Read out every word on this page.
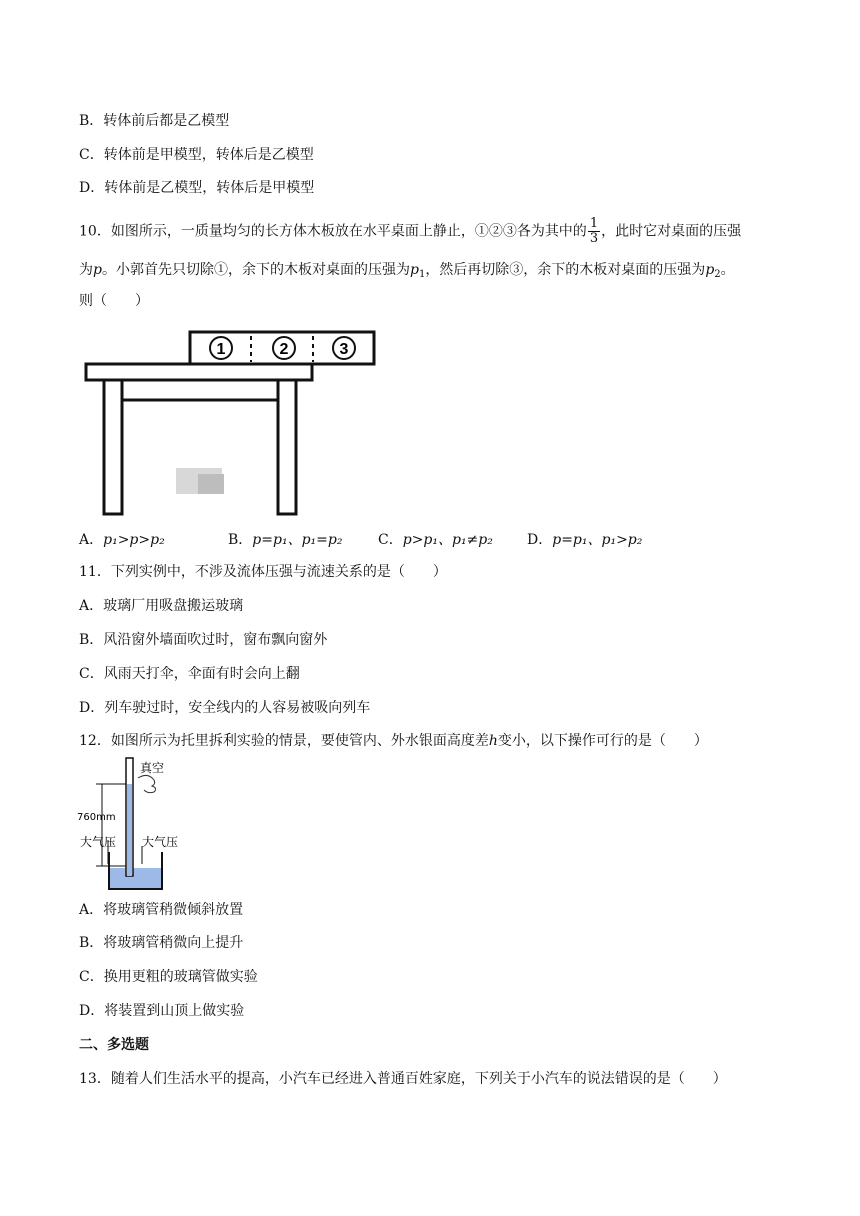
B．转体前后都是乙模型
C．转体前是甲模型，转体后是乙模型
D．转体前是乙模型，转体后是甲模型
10．如图所示，一质量均匀的长方体木板放在水平桌面上静止，①②③各为其中的 $\frac{1}{3}$ ，此时它对桌面的压强
为p。小郭首先只切除①，余下的木板对桌面的压强为$p_1$，然后再切除③，余下的木板对桌面的压强为$p_2$。
则（　　）
1	2	3
A．p₁>p>p₂	B．p=p₁、p₁=p₂	C．p>p₁、p₁≠p₂ D．p=p₁、p₁>p₂
11．下列实例中，不涉及流体压强与流速关系的是（　　）
A．玻璃厂用吸盘搬运玻璃
B．风沿窗外墙面吹过时，窗布飘向窗外
C．风雨天打伞，伞面有时会向上翻
D．列车驶过时，安全线内的人容易被吸向列车
12．如图所示为托里拆利实验的情景，要使管内、外水银面高度差h变小，以下操作可行的是（　　）
真空
760mm
大气压 大气压
A．将玻璃管稍微倾斜放置
B．将玻璃管稍微向上提升
C．换用更粗的玻璃管做实验
D．将装置到山顶上做实验
二、多选题
13．随着人们生活水平的提高，小汽车已经进入普通百姓家庭，下列关于小汽车的说法错误的是（　　）
